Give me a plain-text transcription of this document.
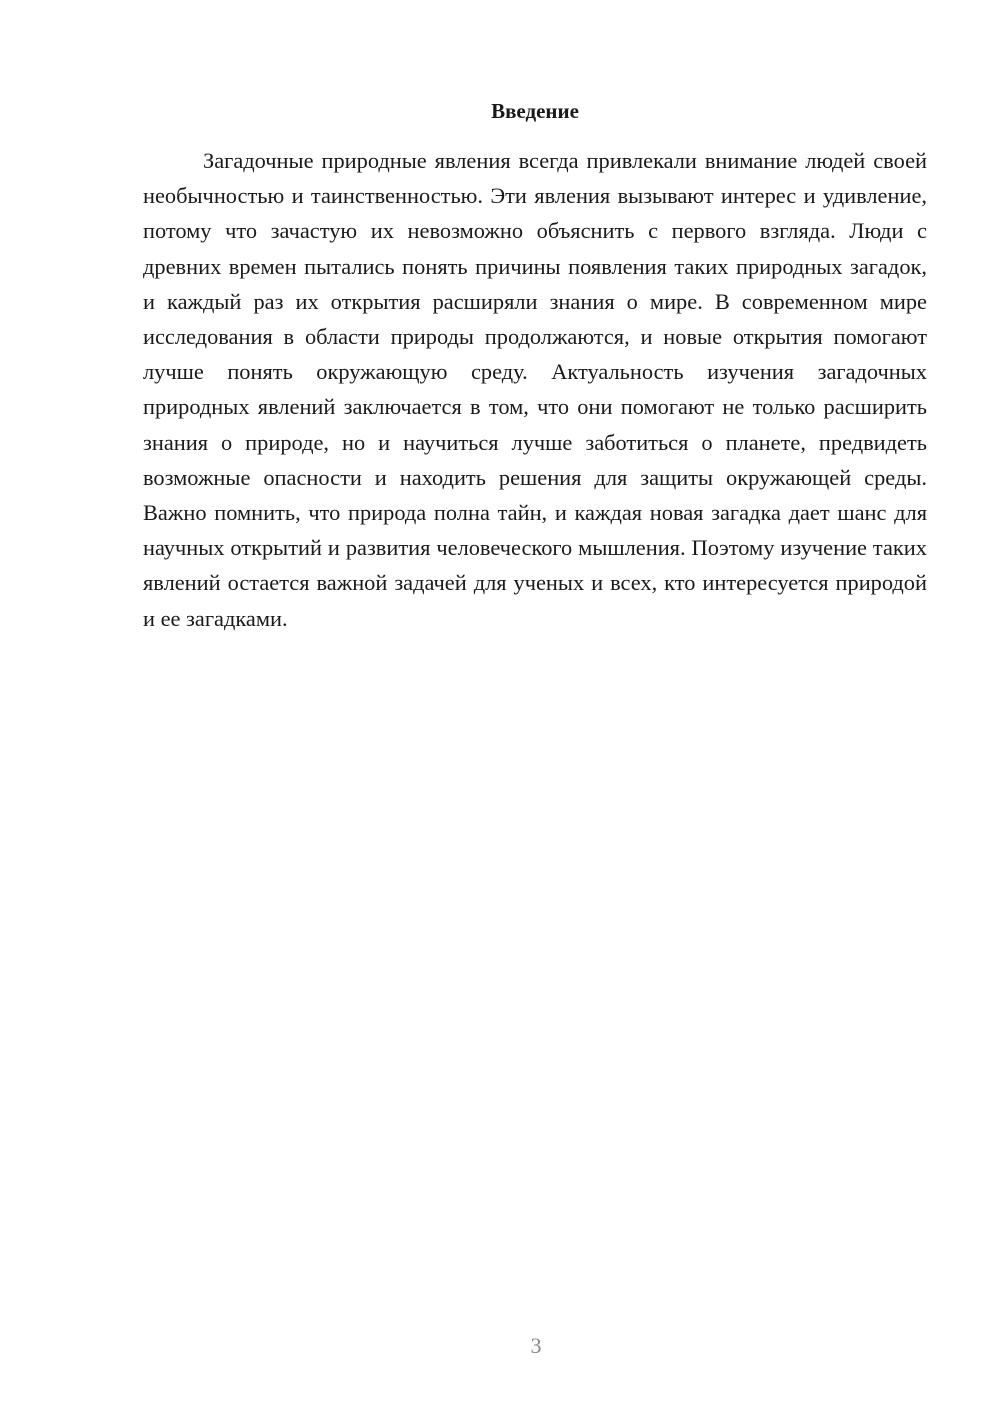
Введение

Загадочные природные явления всегда привлекали внимание людей своей необычностью и таинственностью. Эти явления вызывают интерес и удивление, потому что зачастую их невозможно объяснить с первого взгляда. Люди с древних времен пытались понять причины появления таких природных загадок, и каждый раз их открытия расширяли знания о мире. В современном мире исследования в области природы продолжаются, и новые открытия помогают лучше понять окружающую среду. Актуальность изучения загадочных природных явлений заключается в том, что они помогают не только расширить знания о природе, но и научиться лучше заботиться о планете, предвидеть возможные опасности и находить решения для защиты окружающей среды. Важно помнить, что природа полна тайн, и каждая новая загадка дает шанс для научных открытий и развития человеческого мышления. Поэтому изучение таких явлений остается важной задачей для ученых и всех, кто интересуется природой и ее загадками.

3
